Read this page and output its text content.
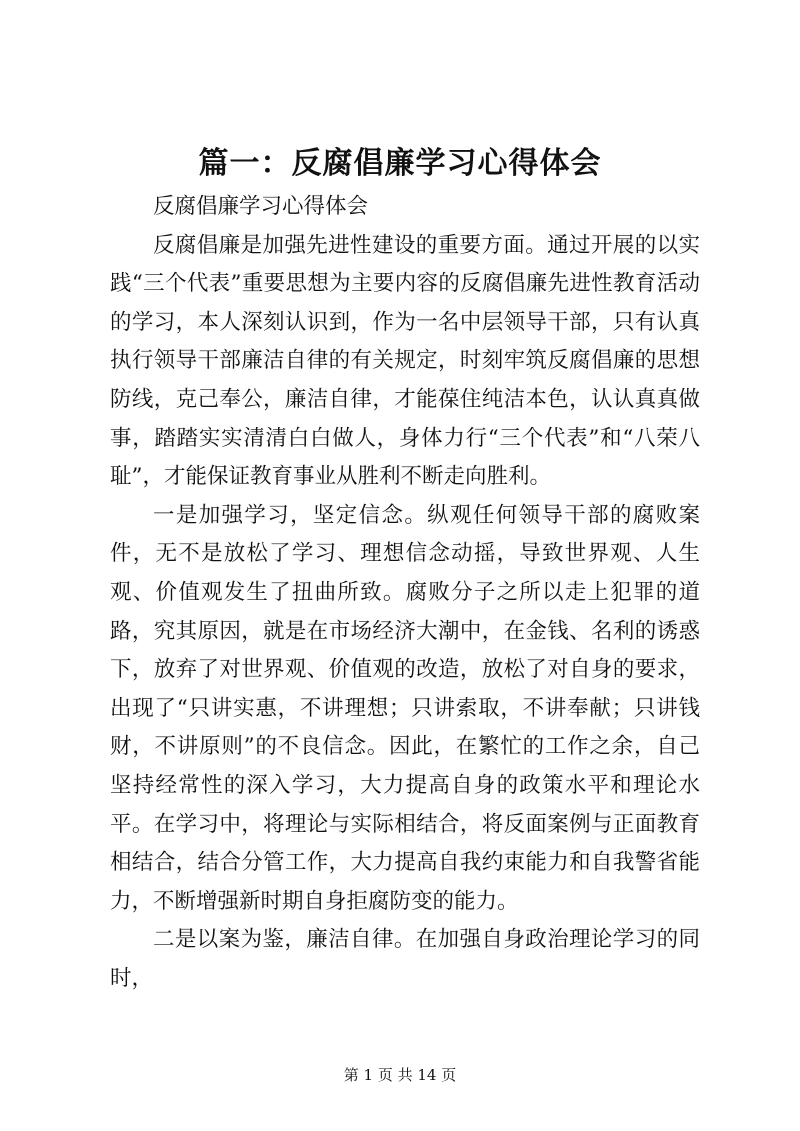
篇一：反腐倡廉学习心得体会

反腐倡廉学习心得体会

反腐倡廉是加强先进性建设的重要方面。通过开展的以实践“三个代表”重要思想为主要内容的反腐倡廉先进性教育活动的学习，本人深刻认识到，作为一名中层领导干部，只有认真执行领导干部廉洁自律的有关规定，时刻牢筑反腐倡廉的思想防线，克己奉公，廉洁自律，才能葆住纯洁本色，认认真真做事，踏踏实实清清白白做人，身体力行“三个代表”和“八荣八耻”，才能保证教育事业从胜利不断走向胜利。

一是加强学习，坚定信念。纵观任何领导干部的腐败案件，无不是放松了学习、理想信念动摇，导致世界观、人生观、价值观发生了扭曲所致。腐败分子之所以走上犯罪的道路，究其原因，就是在市场经济大潮中，在金钱、名利的诱惑下，放弃了对世界观、价值观的改造，放松了对自身的要求，出现了“只讲实惠，不讲理想；只讲索取，不讲奉献；只讲钱财，不讲原则”的不良信念。因此，在繁忙的工作之余，自己坚持经常性的深入学习，大力提高自身的政策水平和理论水平。在学习中，将理论与实际相结合，将反面案例与正面教育相结合，结合分管工作，大力提高自我约束能力和自我警省能力，不断增强新时期自身拒腐防变的能力。

二是以案为鉴，廉洁自律。在加强自身政治理论学习的同时，

第 1 页 共 14 页
